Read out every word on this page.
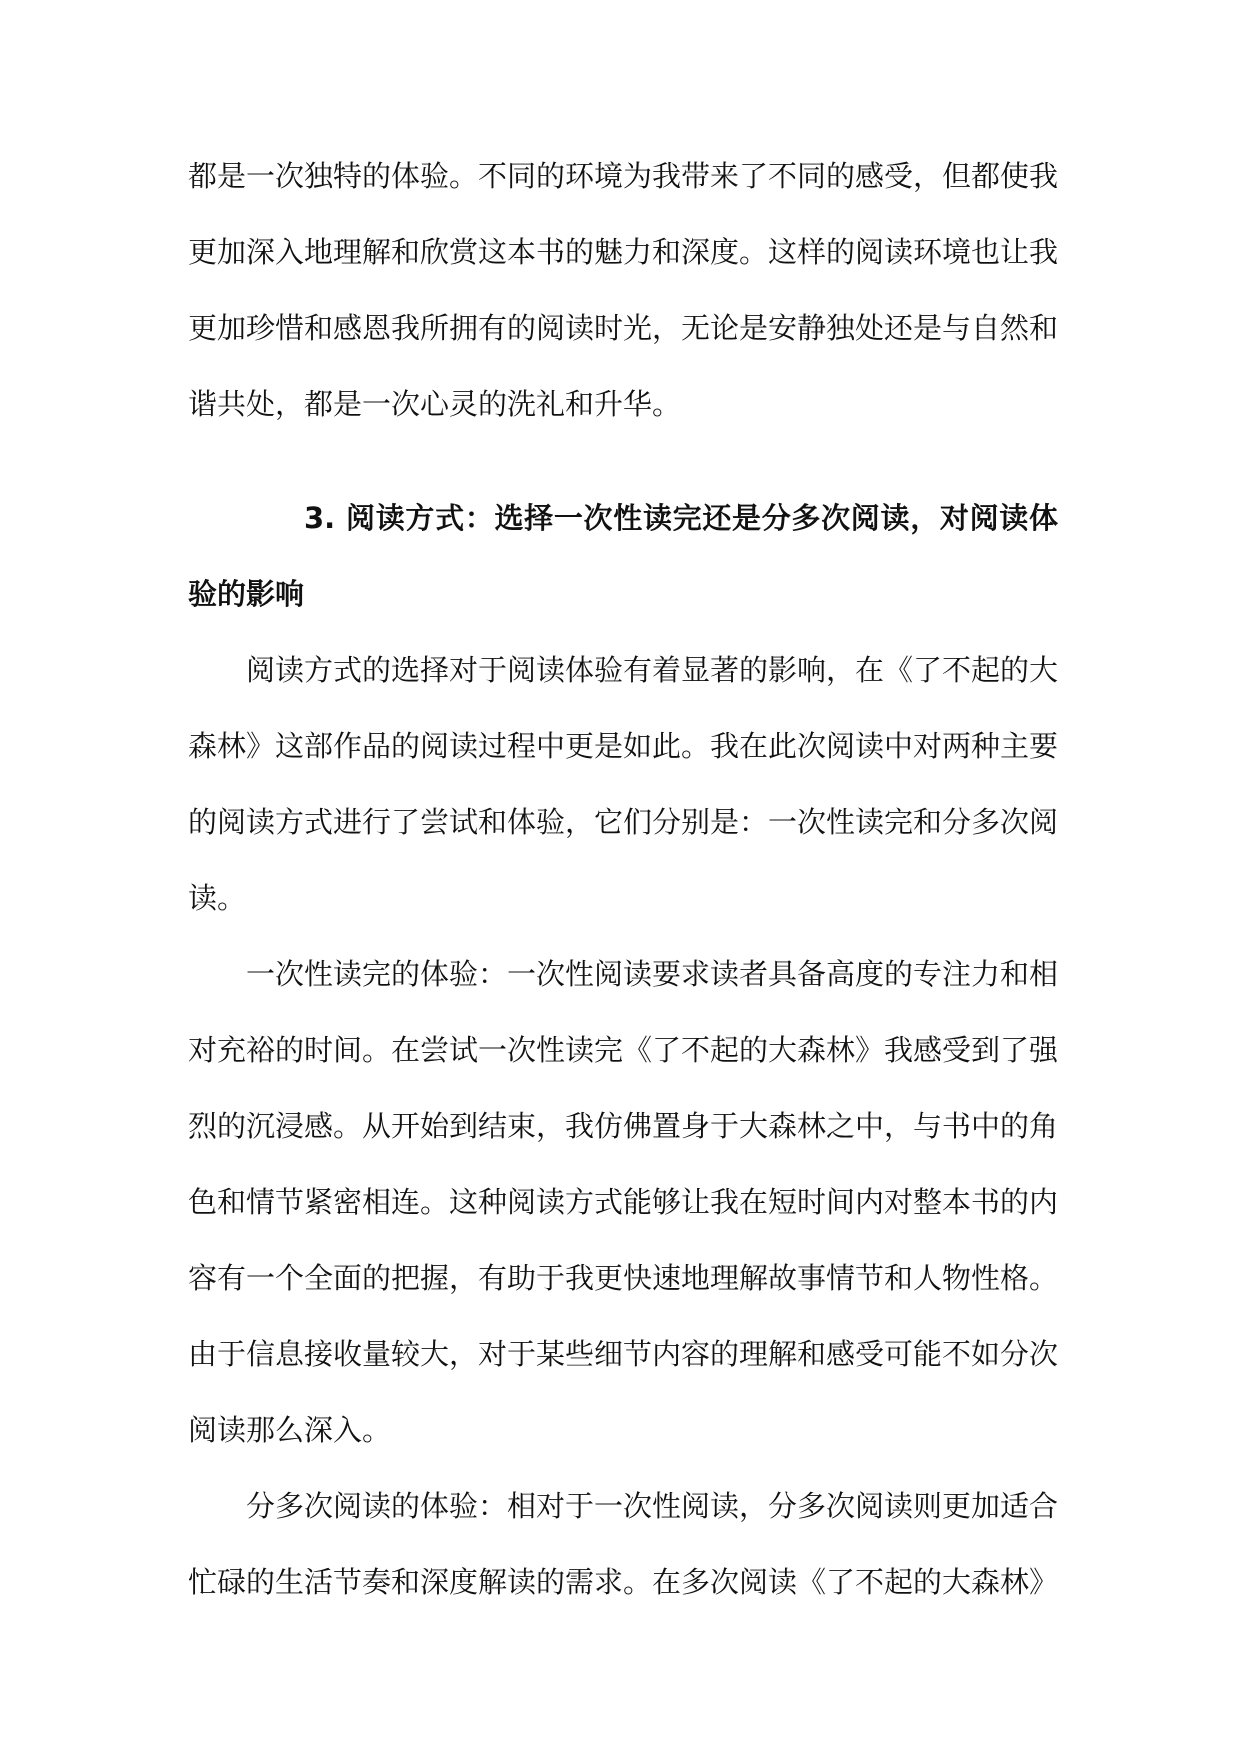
都是一次独特的体验。不同的环境为我带来了不同的感受，但都使我更加深入地理解和欣赏这本书的魅力和深度。这样的阅读环境也让我更加珍惜和感恩我所拥有的阅读时光，无论是安静独处还是与自然和谐共处，都是一次心灵的洗礼和升华。

3. 阅读方式：选择一次性读完还是分多次阅读，对阅读体验的影响

阅读方式的选择对于阅读体验有着显著的影响，在《了不起的大森林》这部作品的阅读过程中更是如此。我在此次阅读中对两种主要的阅读方式进行了尝试和体验，它们分别是：一次性读完和分多次阅读。

一次性读完的体验：一次性阅读要求读者具备高度的专注力和相对充裕的时间。在尝试一次性读完《了不起的大森林》我感受到了强烈的沉浸感。从开始到结束，我仿佛置身于大森林之中，与书中的角色和情节紧密相连。这种阅读方式能够让我在短时间内对整本书的内容有一个全面的把握，有助于我更快速地理解故事情节和人物性格。由于信息接收量较大，对于某些细节内容的理解和感受可能不如分次阅读那么深入。

分多次阅读的体验：相对于一次性阅读，分多次阅读则更加适合忙碌的生活节奏和深度解读的需求。在多次阅读《了不起的大森林》
